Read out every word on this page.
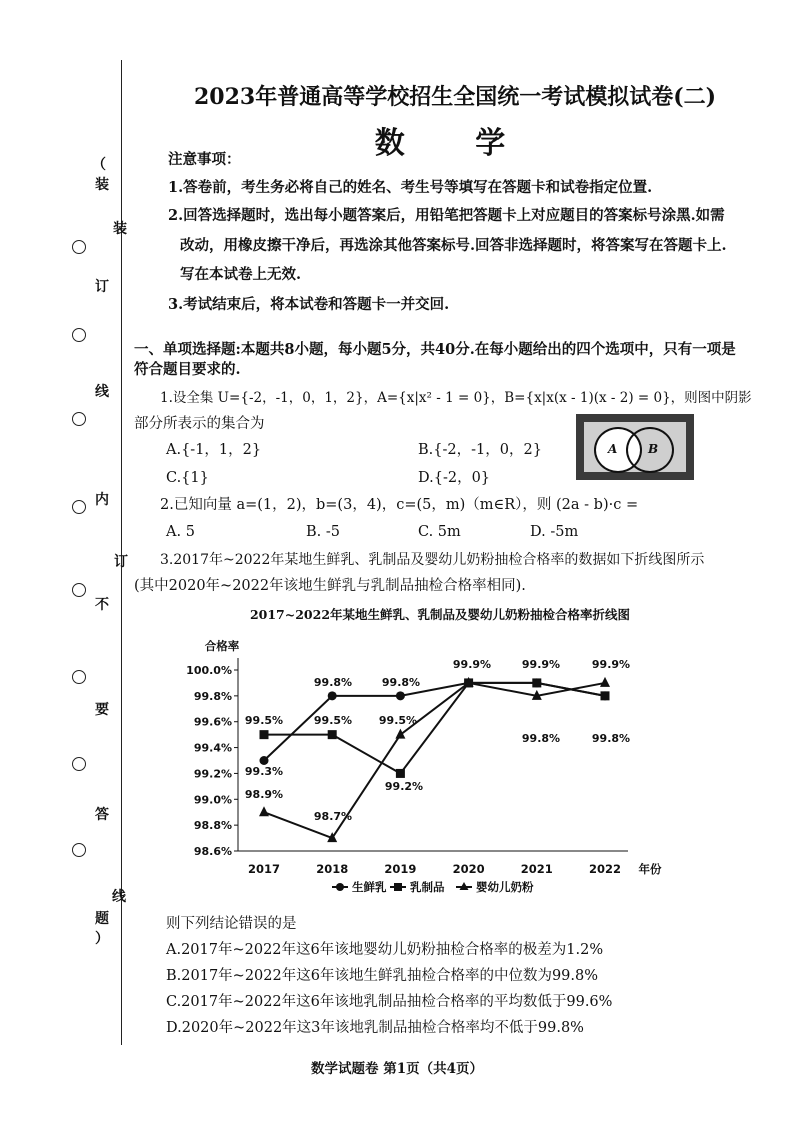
（
装
装
订
线
内
订
不
要
答
线
题
）
2023年普通高等学校招生全国统一考试模拟试卷(二)
数 学
注意事项：
1.答卷前，考生务必将自己的姓名、考生号等填写在答题卡和试卷指定位置.
2.回答选择题时，选出每小题答案后，用铅笔把答题卡上对应题目的答案标号涂黑.如需
改动，用橡皮擦干净后，再选涂其他答案标号.回答非选择题时，将答案写在答题卡上.
写在本试卷上无效.
3.考试结束后，将本试卷和答题卡一并交回.
一、单项选择题:本题共8小题，每小题5分，共40分.在每小题给出的四个选项中，只有一项是
符合题目要求的.
1.设全集 U={-2，-1，0，1，2}，A={x|x² - 1 = 0}，B={x|x(x - 1)(x - 2) = 0}，则图中阴影
部分所表示的集合为
A.{-1，1，2}	B.{-2，-1，0，2}
C.{1}	D.{-2，0}
A	B
2.已知向量 a=(1，2)，b=(3，4)，c=(5，m)（m∈R），则 (2a - b)·c =
A. 5	B. -5	C. 5m	D. -5m
3.2017年~2022年某地生鲜乳、乳制品及婴幼儿奶粉抽检合格率的数据如下折线图所示
(其中2020年~2022年该地生鲜乳与乳制品抽检合格率相同).
2017~2022年某地生鲜乳、乳制品及婴幼儿奶粉抽检合格率折线图
合格率
年份
98.6%
98.8%
99.0%
99.2%
99.4%
99.6%
99.8%
100.0%
2017	2018	2019	2020	2021	2022
99.5%
99.3%
98.9%
99.8%
99.5%
98.7%
99.8%
99.5%
99.2%
99.9%	99.9%
99.8%
99.9%
99.8%
生鲜乳 乳制品	婴幼儿奶粉
则下列结论错误的是
A.2017年~2022年这6年该地婴幼儿奶粉抽检合格率的极差为1.2%
B.2017年~2022年这6年该地生鲜乳抽检合格率的中位数为99.8%
C.2017年~2022年这6年该地乳制品抽检合格率的平均数低于99.6%
D.2020年~2022年这3年该地乳制品抽检合格率均不低于99.8%
数学试题卷 第1页（共4页）
